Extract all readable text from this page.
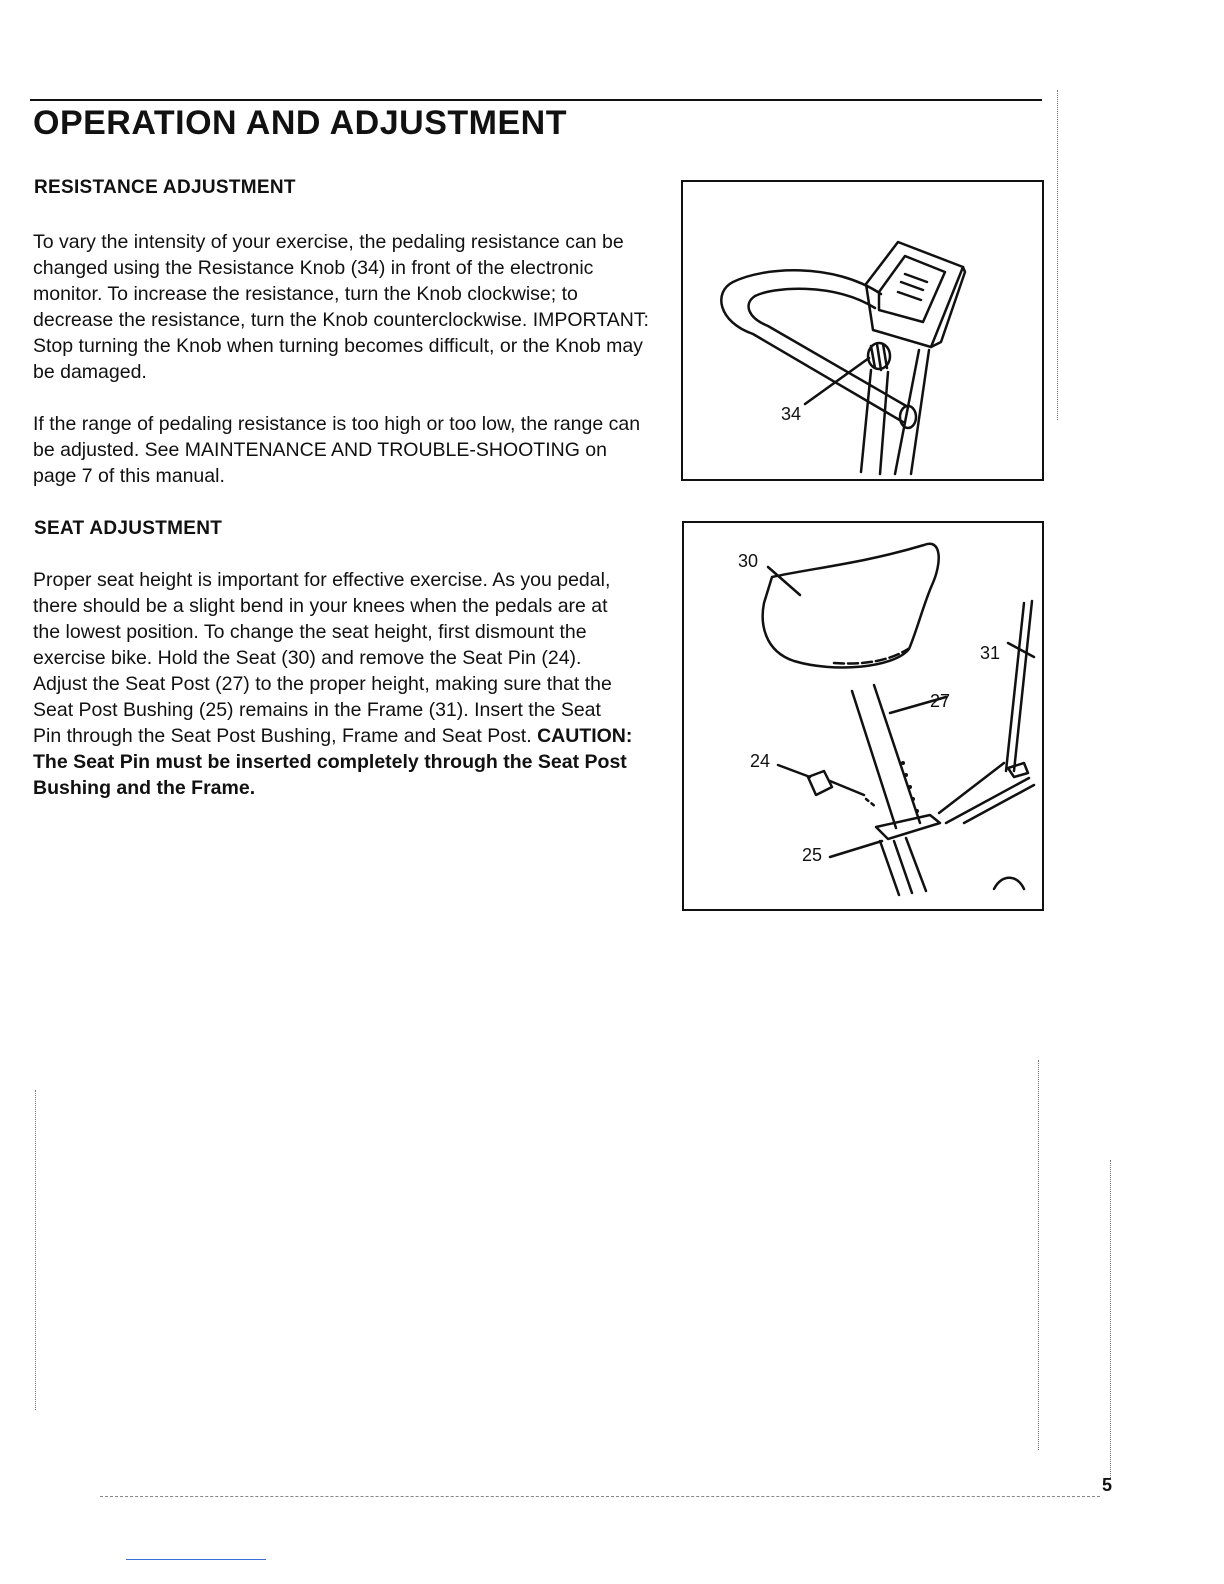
OPERATION AND ADJUSTMENT
RESISTANCE ADJUSTMENT

To vary the intensity of your exercise, the pedaling resistance can be changed using the Resistance Knob (34) in front of the electronic monitor. To increase the resistance, turn the Knob clockwise; to decrease the resistance, turn the Knob counterclockwise. IMPORTANT: Stop turning the Knob when turning becomes difficult, or the Knob may be damaged.

If the range of pedaling resistance is too high or too low, the range can be adjusted. See MAINTENANCE AND TROUBLE-SHOOTING on page 7 of this manual.

34
SEAT ADJUSTMENT

Proper seat height is important for effective exercise. As you pedal, there should be a slight bend in your knees when the pedals are at the lowest position. To change the seat height, first dismount the exercise bike. Hold the Seat (30) and remove the Seat Pin (24). Adjust the Seat Post (27) to the proper height, making sure that the Seat Post Bushing (25) remains in the Frame (31). Insert the Seat Pin through the Seat Post Bushing, Frame and Seat Post. CAUTION: The Seat Pin must be inserted completely through the Seat Post Bushing and the Frame.

30
31
27
24
25
5
